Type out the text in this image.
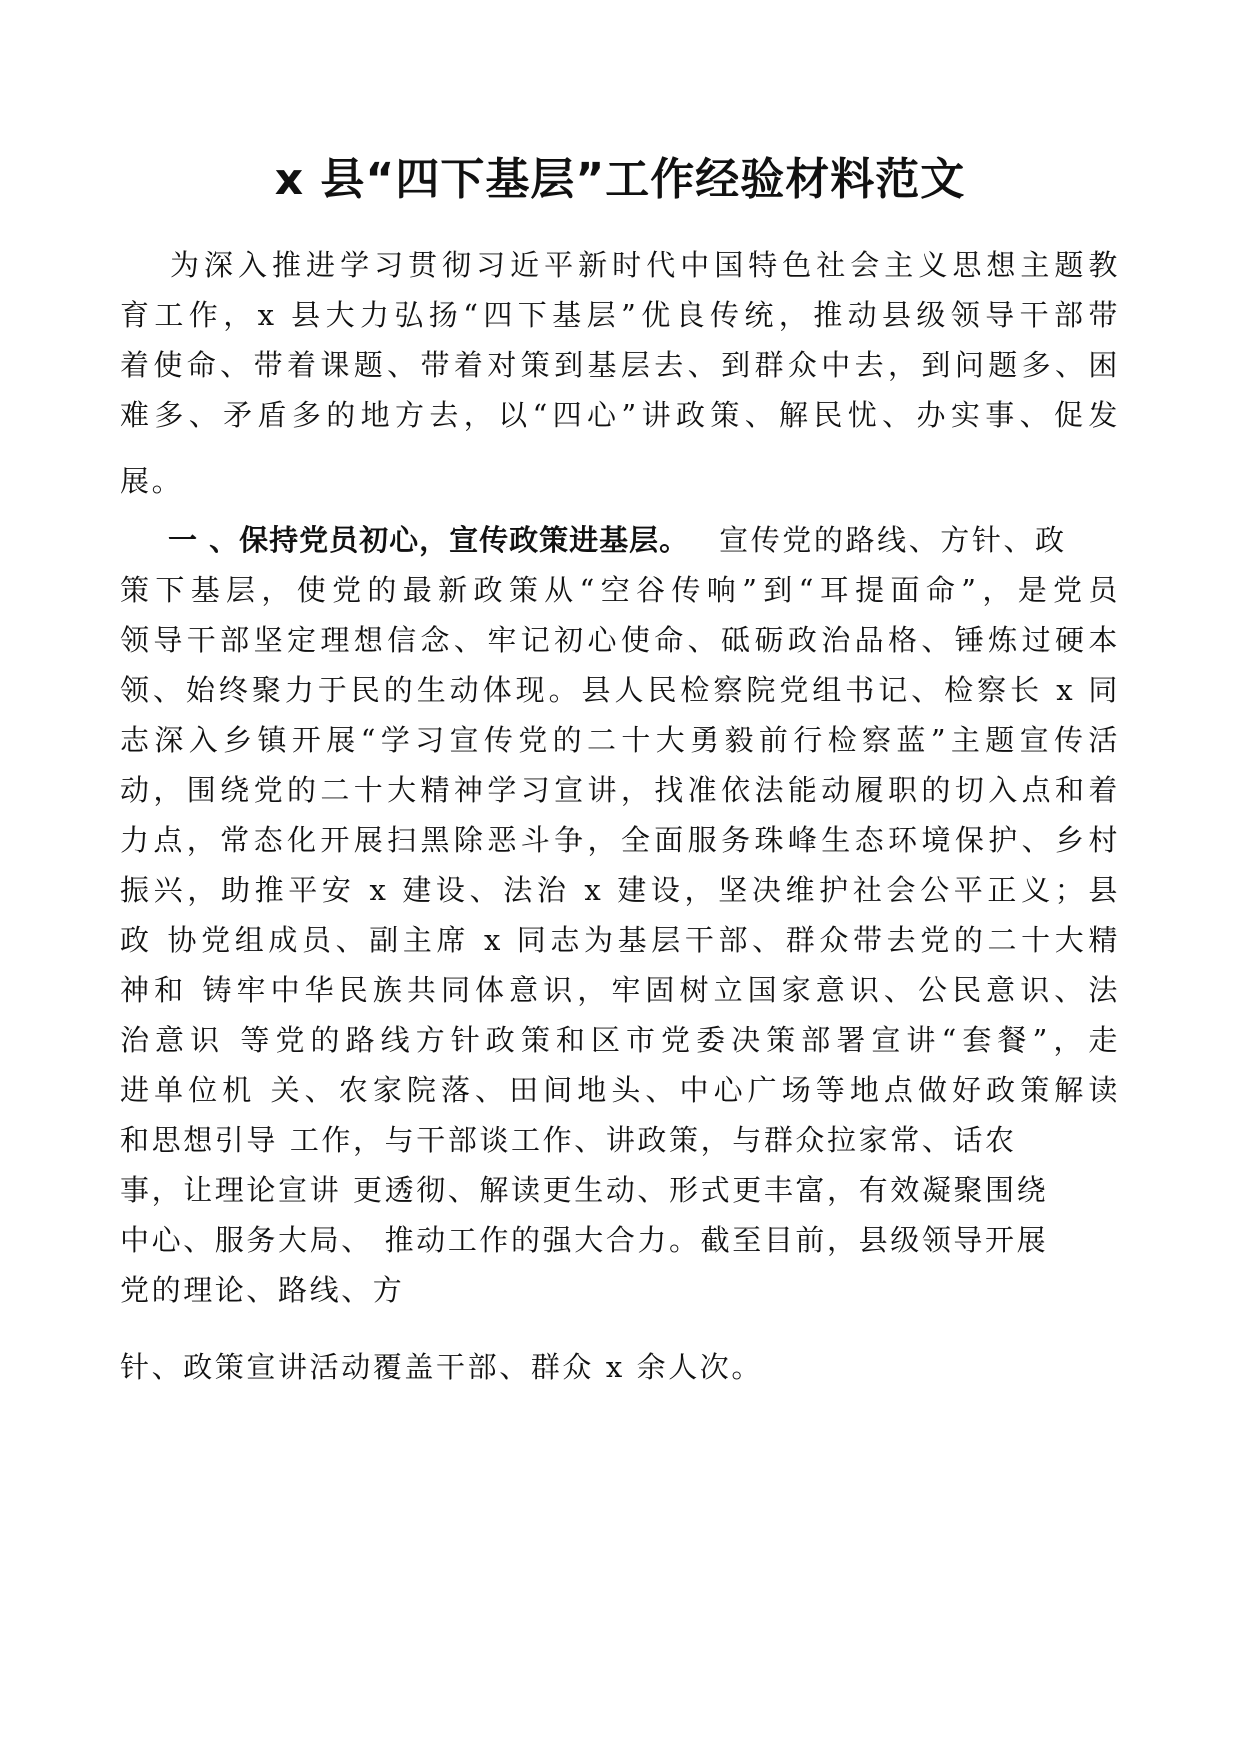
x 县“四下基层”工作经验材料范文

为深入推进学习贯彻习近平新时代中国特色社会主义思想主题教

育工作，x 县大力弘扬“四下基层”优良传统，推动县级领导干部带

着使命、带着课题、带着对策到基层去、到群众中去，到问题多、困

难多、矛盾多的地方去，以“四心”讲政策、解民忧、办实事、促发

展。

一 、保持党员初心，宣传政策进基层。 宣传党的路线、方针、政

策下基层，使党的最新政策从“空谷传响”到“耳提面命”，是党员

领导干部坚定理想信念、牢记初心使命、砥砺政治品格、锤炼过硬本

领、始终聚力于民的生动体现。县人民检察院党组书记、检察长 x 同

志深入乡镇开展“学习宣传党的二十大勇毅前行检察蓝”主题宣传活

动，围绕党的二十大精神学习宣讲，找准依法能动履职的切入点和着

力点，常态化开展扫黑除恶斗争，全面服务珠峰生态环境保护、乡村

振兴，助推平安 x 建设、法治 x 建设，坚决维护社会公平正义；县

政 协党组成员、副主席 x 同志为基层干部、群众带去党的二十大精

神和 铸牢中华民族共同体意识，牢固树立国家意识、公民意识、法

治意识 等党的路线方针政策和区市党委决策部署宣讲“套餐”，走

进单位机 关、农家院落、田间地头、中心广场等地点做好政策解读

和思想引导 工作，与干部谈工作、讲政策，与群众拉家常、话农

事，让理论宣讲 更透彻、解读更生动、形式更丰富，有效凝聚围绕

中心、服务大局、 推动工作的强大合力。截至目前，县级领导开展

党的理论、路线、方

针、政策宣讲活动覆盖干部、群众 x 余人次。
